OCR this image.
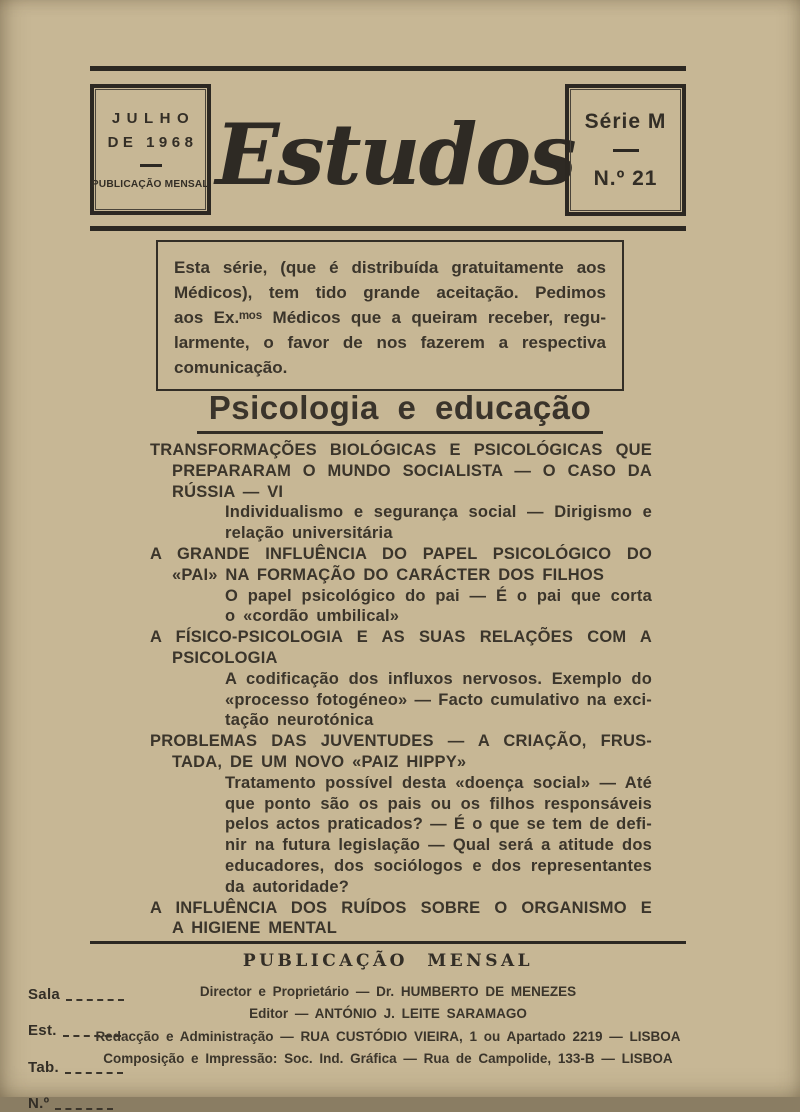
JULHO
DE 1968
PUBLICAÇÃO MENSAL Estudos Série M
N.º 21
Esta série, (que é distribuída gratuitamente aos
Médicos), tem tido grande aceitação. Pedimos
aos Ex.ᵐᵒˢ Médicos que a queiram receber, regu-
larmente, o favor de nos fazerem a respectiva
comunicação.
Psicologia e educação
TRANSFORMAÇÕES BIOLÓGICAS E PSICOLÓGICAS QUE
PREPARARAM O MUNDO SOCIALISTA — O CASO DA
RÚSSIA — VI
Individualismo e segurança social — Dirigismo e
relação universitária
A GRANDE INFLUÊNCIA DO PAPEL PSICOLÓGICO DO
«PAI» NA FORMAÇÃO DO CARÁCTER DOS FILHOS
O papel psicológico do pai — É o pai que corta
o «cordão umbilical»
A FÍSICO-PSICOLOGIA E AS SUAS RELAÇÕES COM A
PSICOLOGIA
A codificação dos influxos nervosos. Exemplo do
«processo fotogéneo» — Facto cumulativo na exci-
tação neurotónica
PROBLEMAS DAS JUVENTUDES — A CRIAÇÃO, FRUS-
TADA, DE UM NOVO «PAIZ HIPPY»
Tratamento possível desta «doença social» — Até
que ponto são os pais ou os filhos responsáveis
pelos actos praticados? — É o que se tem de defi-
nir na futura legislação — Qual será a atitude dos
educadores, dos sociólogos e dos representantes
da autoridade?
A INFLUÊNCIA DOS RUÍDOS SOBRE O ORGANISMO E
A HIGIENE MENTAL
PUBLICAÇÃO MENSAL
Director e Proprietário — Dr. HUMBERTO DE MENEZES
Editor — ANTÓNIO J. LEITE SARAMAGO
Redacção e Administração — RUA CUSTÓDIO VIEIRA, 1 ou Apartado 2219 — LISBOA
Composição e Impressão: Soc. Ind. Gráfica — Rua de Campolide, 133-B — LISBOA
Sala
Est.
Tab.
N.º
